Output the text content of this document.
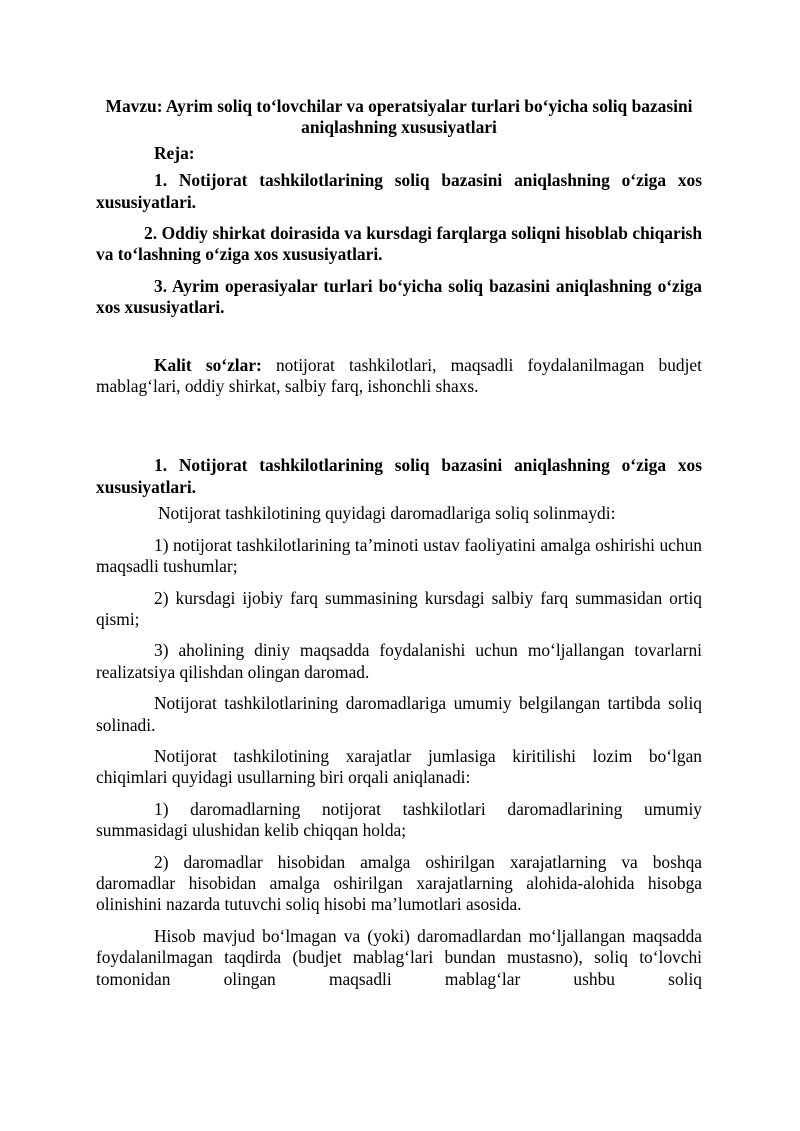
Mavzu: Ayrim soliq to‘lovchilar va operatsiyalar turlari bo‘yicha soliq bazasini aniqlashning xususiyatlari

Reja:

1. Notijorat tashkilotlarining soliq bazasini aniqlashning o‘ziga xos xususiyatlari.

2. Oddiy shirkat doirasida va kursdagi farqlarga soliqni hisoblab chiqarish va to‘lashning o‘ziga xos xususiyatlari.

3. Ayrim operasiyalar turlari bo‘yicha soliq bazasini aniqlashning o‘ziga xos xususiyatlari.

Kalit so‘zlar: notijorat tashkilotlari, maqsadli foydalanilmagan budjet mablag‘lari, oddiy shirkat, salbiy farq, ishonchli shaxs.

1. Notijorat tashkilotlarining soliq bazasini aniqlashning o‘ziga xos xususiyatlari.

Notijorat tashkilotining quyidagi daromadlariga soliq solinmaydi:

1) notijorat tashkilotlarining ta’minoti ustav faoliyatini amalga oshirishi uchun maqsadli tushumlar;

2) kursdagi ijobiy farq summasining kursdagi salbiy farq summasidan ortiq qismi;

3) aholining diniy maqsadda foydalanishi uchun mo‘ljallangan tovarlarni realizatsiya qilishdan olingan daromad.

Notijorat tashkilotlarining daromadlariga umumiy belgilangan tartibda soliq solinadi.

Notijorat tashkilotining xarajatlar jumlasiga kiritilishi lozim bo‘lgan chiqimlari quyidagi usullarning biri orqali aniqlanadi:

1) daromadlarning notijorat tashkilotlari daromadlarining umumiy summasidagi ulushidan kelib chiqqan holda;

2) daromadlar hisobidan amalga oshirilgan xarajatlarning va boshqa daromadlar hisobidan amalga oshirilgan xarajatlarning alohida-alohida hisobga olinishini nazarda tutuvchi soliq hisobi ma’lumotlari asosida.

Hisob mavjud bo‘lmagan va (yoki) daromadlardan mo‘ljallangan maqsadda foydalanilmagan taqdirda (budjet mablag‘lari bundan mustasno), soliq to‘lovchi tomonidan olingan maqsadli mablag‘lar ushbu soliq
